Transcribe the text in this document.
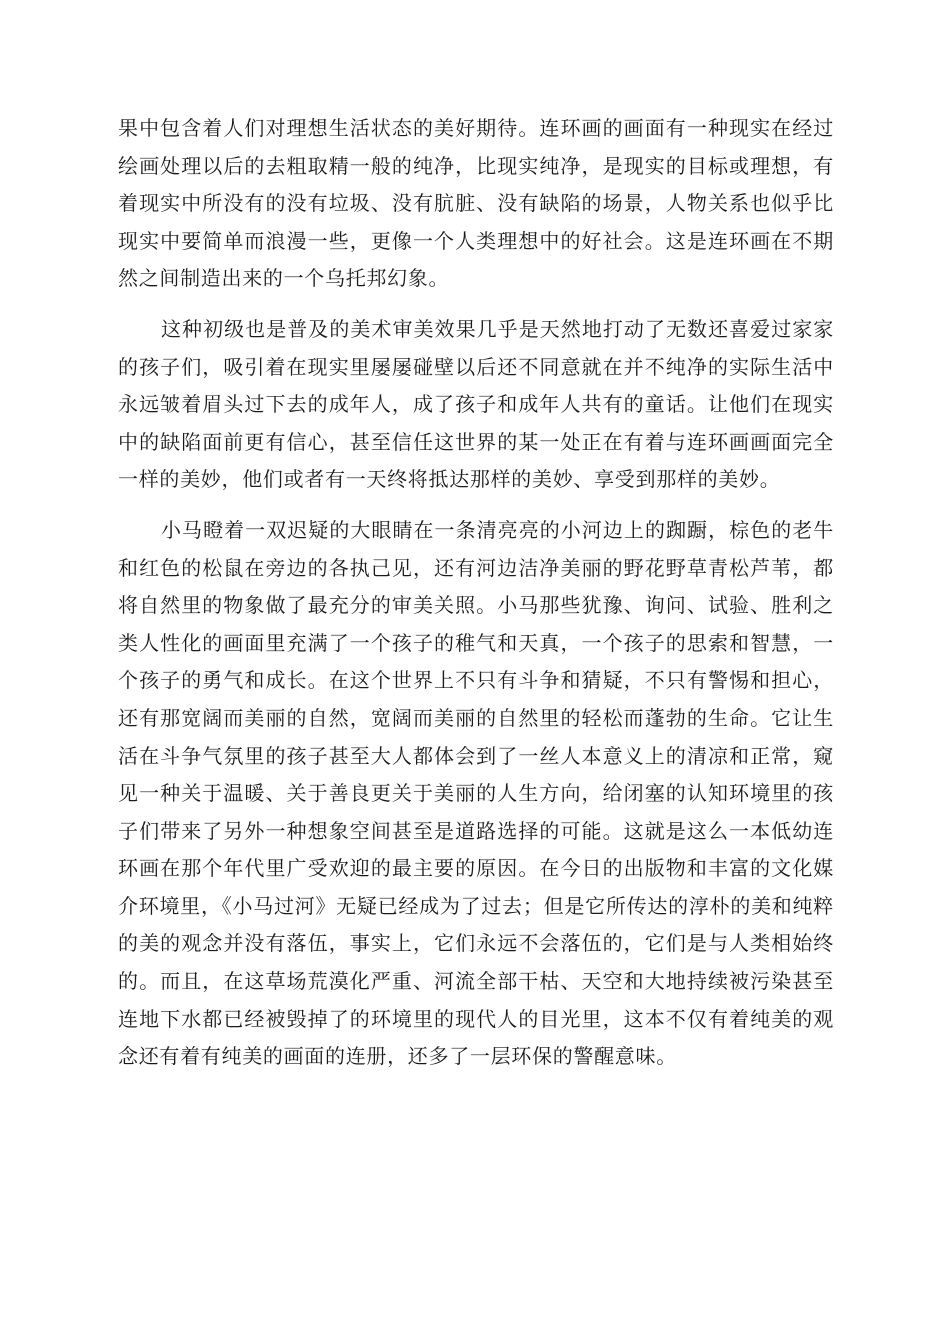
果中包含着人们对理想生活状态的美好期待。连环画的画面有一种现实在经过绘画处理以后的去粗取精一般的纯净，比现实纯净，是现实的目标或理想，有着现实中所没有的没有垃圾、没有肮脏、没有缺陷的场景，人物关系也似乎比现实中要简单而浪漫一些，更像一个人类理想中的好社会。这是连环画在不期然之间制造出来的一个乌托邦幻象。

这种初级也是普及的美术审美效果几乎是天然地打动了无数还喜爱过家家的孩子们，吸引着在现实里屡屡碰壁以后还不同意就在并不纯净的实际生活中永远皱着眉头过下去的成年人，成了孩子和成年人共有的童话。让他们在现实中的缺陷面前更有信心，甚至信任这世界的某一处正在有着与连环画画面完全一样的美妙，他们或者有一天终将抵达那样的美妙、享受到那样的美妙。

小马瞪着一双迟疑的大眼睛在一条清亮亮的小河边上的踟蹰，棕色的老牛和红色的松鼠在旁边的各执己见，还有河边洁净美丽的野花野草青松芦苇，都将自然里的物象做了最充分的审美关照。小马那些犹豫、询问、试验、胜利之类人性化的画面里充满了一个孩子的稚气和天真，一个孩子的思索和智慧，一个孩子的勇气和成长。在这个世界上不只有斗争和猜疑，不只有警惕和担心，还有那宽阔而美丽的自然，宽阔而美丽的自然里的轻松而蓬勃的生命。它让生活在斗争气氛里的孩子甚至大人都体会到了一丝人本意义上的清凉和正常，窥见一种关于温暖、关于善良更关于美丽的人生方向，给闭塞的认知环境里的孩子们带来了另外一种想象空间甚至是道路选择的可能。这就是这么一本低幼连环画在那个年代里广受欢迎的最主要的原因。在今日的出版物和丰富的文化媒介环境里，《小马过河》无疑已经成为了过去；但是它所传达的淳朴的美和纯粹的美的观念并没有落伍，事实上，它们永远不会落伍的，它们是与人类相始终的。而且，在这草场荒漠化严重、河流全部干枯、天空和大地持续被污染甚至连地下水都已经被毁掉了的环境里的现代人的目光里，这本不仅有着纯美的观念还有着有纯美的画面的连册，还多了一层环保的警醒意味。
